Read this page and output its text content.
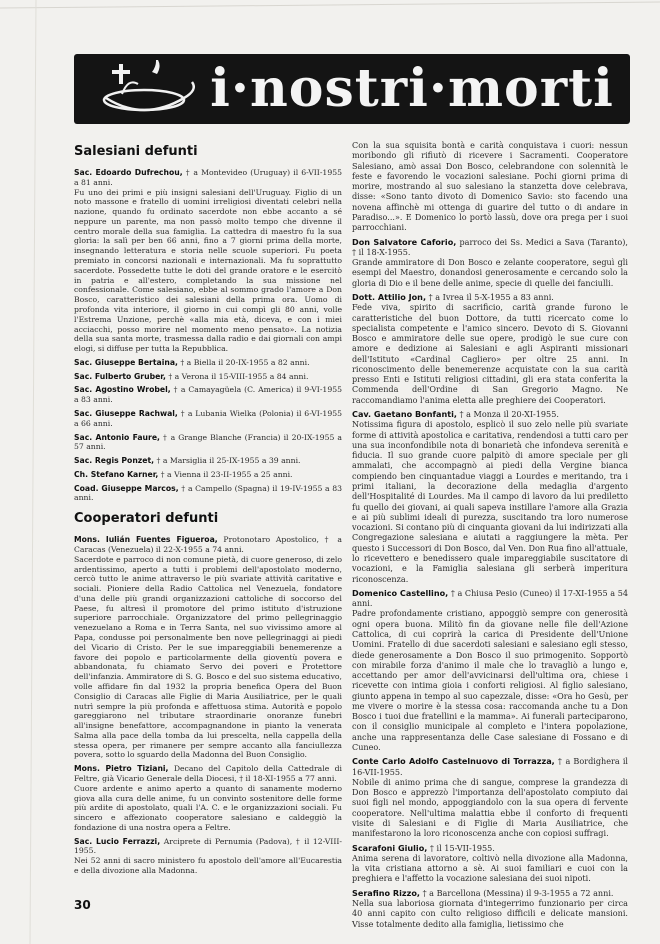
i·nostri·morti
Salesiani defunti

Sac. Edoardo Dufrechou, † a Montevideo (Uruguay) il 6-VII-1955 a 81 anni.

Fu uno dei primi e più insigni salesiani dell'Uruguay. Figlio di un noto massone e fratello di uomini irreligiosi diventati celebri nella nazione, quando fu ordinato sacerdote non ebbe accanto a sé neppure un parente, ma non passò molto tempo che divenne il centro morale della sua famiglia. La cattedra di maestro fu la sua gloria: la salì per ben 66 anni, fino a 7 giorni prima della morte, insegnando letteratura e storia nelle scuole superiori. Fu poeta premiato in concorsi nazionali e internazionali. Ma fu soprattutto sacerdote. Possedette tutte le doti del grande oratore e le esercitò in patria e all'estero, completando la sua missione nel confessionale. Come salesiano, ebbe al sommo grado l'amore a Don Bosco, caratteristico dei salesiani della prima ora. Uomo di profonda vita interiore, il giorno in cui compì gli 80 anni, volle l'Estrema Unzione, perchè «alla mia età, diceva, e con i miei acciacchi, posso morire nel momento meno pensato». La notizia della sua santa morte, trasmessa dalla radio e dai giornali con ampi elogi, si diffuse per tutta la Repubblica.

Sac. Giuseppe Bertaina, † a Biella il 20-IX-1955 a 82 anni.

Sac. Fulberto Gruber, † a Verona il 15-VIII-1955 a 84 anni.

Sac. Agostino Wrobel, † a Camayagüela (C. America) il 9-VI-1955 a 83 anni.

Sac. Giuseppe Rachwal, † a Lubania Wielka (Polonia) il 6-VI-1955 a 66 anni.

Sac. Antonio Faure, † a Grange Blanche (Francia) il 20-IX-1955 a 57 anni.

Sac. Regis Ponzet, † a Marsiglia il 25-IX-1955 a 39 anni.

Ch. Stefano Karner, † a Vienna il 23-II-1955 a 25 anni.

Coad. Giuseppe Marcos, † a Campello (Spagna) il 19-IV-1955 a 83 anni.

Cooperatori defunti

Mons. Iulián Fuentes Figueroa, Protonotaro Apostolico, † a Caracas (Venezuela) il 22-X-1955 a 74 anni.

Sacerdote e parroco di non comune pietà, di cuore generoso, di zelo ardentissimo, aperto a tutti i problemi dell'apostolato moderno, cercò tutto le anime attraverso le più svariate attività caritative e sociali. Pioniere della Radio Cattolica nel Venezuela, fondatore d'una delle più grandi organizzazioni cattoliche di soccorso del Paese, fu altresì il promotore del primo istituto d'istruzione superiore parrocchiale. Organizzatore del primo pellegrinaggio venezuelano a Roma e in Terra Santa, nel suo vivissimo amore al Papa, condusse poi personalmente ben nove pellegrinaggi ai piedi del Vicario di Cristo. Per le sue impareggiabili benemerenze a favore dei popolo e particolarmente della gioventù povera e abbandonata, fu chiamato Servo dei poveri e Protettore dell'infanzia. Ammiratore di S. G. Bosco e del suo sistema educativo, volle affidare fin dal 1932 la propria benefica Opera del Buon Consiglio di Caracas alle Figlie di Maria Ausiliatrice, per le quali nutrì sempre la più profonda e affettuosa stima. Autorità e popolo gareggiarono nel tributare straordinarie onoranze funebri all'insigne benefattore, accompagnandone in pianto la venerata Salma alla pace della tomba da lui prescelta, nella cappella della stessa opera, per rimanere per sempre accanto alla fanciullezza povera, sotto lo sguardo della Madonna del Buon Consiglio.

Mons. Pietro Tiziani, Decano del Capitolo della Cattedrale di Feltre, già Vicario Generale della Diocesi, † il 18-XI-1955 a 77 anni.

Cuore ardente e animo aperto a quanto di sanamente moderno giova alla cura delle anime, fu un convinto sostenitore delle forme più ardite di apostolato, quali l'A. C. e le organizzazioni sociali. Fu sincero e affezionato cooperatore salesiano e caldeggiò la fondazione di una nostra opera a Feltre.

Sac. Lucio Ferrazzi, Arciprete di Pernumia (Padova), † il 12-VIII-1955.

Nei 52 anni di sacro ministero fu apostolo dell'amore all'Eucarestia e della divozione alla Madonna.

Con la sua squisita bontà e carità conquistava i cuori: nessun moribondo gli rifiutò di ricevere i Sacramenti. Cooperatore Salesiano, amò assai Don Bosco, celebrandone con solennità le feste e favorendo le vocazioni salesiane. Pochi giorni prima di morire, mostrando al suo salesiano la stanzetta dove celebrava, disse: «Sono tanto divoto di Domenico Savio: sto facendo una novena affinchè mi ottenga di guarire del tutto o di andare in Paradiso...». E Domenico lo portò lassù, dove ora prega per i suoi parrocchiani.

Don Salvatore Caforio, parroco dei Ss. Medici a Sava (Taranto), † il 18-X-1955.

Grande ammiratore di Don Bosco e zelante cooperatore, seguì gli esempi del Maestro, donandosi generosamente e cercando solo la gloria di Dio e il bene delle anime, specie di quelle dei fanciulli.

Dott. Attilio Jon, † a Ivrea il 5-X-1955 a 83 anni.

Fede viva, spirito di sacrificio, carità grande furono le caratteristiche del buon Dottore, da tutti ricercato come lo specialista competente e l'amico sincero. Devoto di S. Giovanni Bosco e ammiratore delle sue opere, prodigò le sue cure con amore e dedizione ai Salesiani e agli Aspiranti missionari dell'Istituto «Cardinal Cagliero» per oltre 25 anni. In riconoscimento delle benemerenze acquistate con la sua carità presso Enti e Istituti religiosi cittadini, gli era stata conferita la Commenda dell'Ordine di San Gregorio Magno. Ne raccomandiamo l'anima eletta alle preghiere dei Cooperatori.

Cav. Gaetano Bonfanti, † a Monza il 20-XI-1955.

Notissima figura di apostolo, esplicò il suo zelo nelle più svariate forme di attività apostolica e caritativa, rendendosi a tutti caro per una sua inconfondibile nota di bonarietà che infondeva serenità e fiducia. Il suo grande cuore palpitò di amore speciale per gli ammalati, che accompagnò ai piedi della Vergine bianca compiendo ben cinquantadue viaggi a Lourdes e meritando, tra i primi italiani, la decorazione della medaglia d'argento dell'Hospitalité di Lourdes. Ma il campo di lavoro da lui prediletto fu quello dei giovani, ai quali sapeva instillare l'amore alla Grazia e ai più sublimi ideali di purezza, suscitando tra loro numerose vocazioni. Si contano più di cinquanta giovani da lui indirizzati alla Congregazione salesiana e aiutati a raggiungere la mèta. Per questo i Successori di Don Bosco, dal Ven. Don Rua fino all'attuale, lo ricevettero e benedissero quale impareggiabile suscitatore di vocazioni, e la Famiglia salesiana gli serberà imperitura riconoscenza.

Domenico Castellino, † a Chiusa Pesio (Cuneo) il 17-XI-1955 a 54 anni.

Padre profondamente cristiano, appoggiò sempre con generosità ogni opera buona. Militò fin da giovane nelle file dell'Azione Cattolica, di cui coprirà la carica di Presidente dell'Unione Uomini. Fratello di due sacerdoti salesiani e salesiano egli stesso, diede generosamente a Don Bosco il suo primogenito. Sopportò con mirabile forza d'animo il male che lo travagliò a lungo e, accettando per amor dell'avvicinarsi dell'ultima ora, chiese i ricevette con intima gioia i conforti religiosi. Al figlio salesiano, giunto appena in tempo al suo capezzale, disse: «Ora ho Gesù, per me vivere o morire è la stessa cosa: raccomanda anche tu a Don Bosco i tuoi due fratellini e la mamma». Ai funerali parteciparono, con il consiglio municipale al completo e l'intera popolazione, anche una rappresentanza delle Case salesiane di Fossano e di Cuneo.

Conte Carlo Adolfo Castelnuovo di Torrazza, † a Bordighera il 16-VII-1955.

Nobile di animo prima che di sangue, comprese la grandezza di Don Bosco e apprezzò l'importanza dell'apostolato compiuto dai suoi figli nel mondo, appoggiandolo con la sua opera di fervente cooperatore. Nell'ultima malattia ebbe il conforto di frequenti visite di Salesiani e di Figlie di Maria Ausiliatrice, che manifestarono la loro riconoscenza anche con copiosi suffragi.

Scarafoni Giulio, † il 15-VII-1955.

Anima serena di lavoratore, coltivò nella divozione alla Madonna, la vita cristiana attorno a sè. Ai suoi familiari e cuoi con la preghiera e l'affetto la vocazione salesiana dei suoi nipoti.

Serafino Rizzo, † a Barcellona (Messina) il 9-3-1955 a 72 anni.

Nella sua laboriosa giornata d'integerrimo funzionario per circa 40 anni capito con culto religioso difficili e delicate mansioni. Visse totalmente dedito alla famiglia, lietissimo che

30
